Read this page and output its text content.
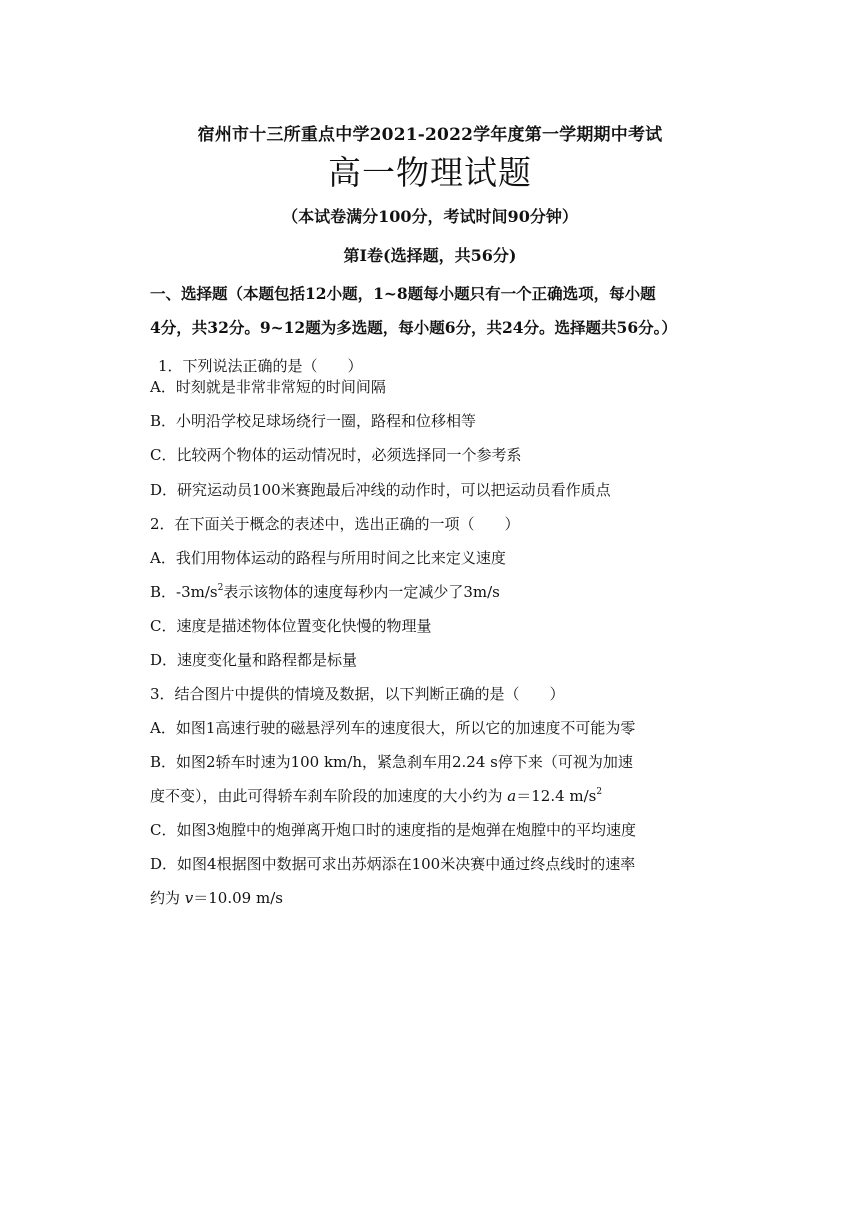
宿州市十三所重点中学2021-2022学年度第一学期期中考试
高一物理试题
（本试卷满分100分，考试时间90分钟）
第Ⅰ卷(选择题，共56分)
一、选择题（本题包括12小题，1~8题每小题只有一个正确选项，每小题
4分，共32分。9~12题为多选题，每小题6分，共24分。选择题共56分。）
1．下列说法正确的是（　　）
A．时刻就是非常非常短的时间间隔
B．小明沿学校足球场绕行一圈，路程和位移相等
C．比较两个物体的运动情况时，必须选择同一个参考系
D．研究运动员100米赛跑最后冲线的动作时，可以把运动员看作质点
2．在下面关于概念的表述中，选出正确的一项（　　）
A．我们用物体运动的路程与所用时间之比来定义速度
B．$-3m/s^2$表示该物体的速度每秒内一定减少了3m/s
C．速度是描述物体位置变化快慢的物理量
D．速度变化量和路程都是标量
3．结合图片中提供的情境及数据，以下判断正确的是（　　）
A．如图1高速行驶的磁悬浮列车的速度很大，所以它的加速度不可能为零
B．如图2轿车时速为100 km/h，紧急刹车用2.24 s停下来（可视为加速
度不变），由此可得轿车刹车阶段的加速度的大小约为 a＝12.4 $m/s^2$
C．如图3炮膛中的炮弹离开炮口时的速度指的是炮弹在炮膛中的平均速度
D．如图4根据图中数据可求出苏炳添在100米决赛中通过终点线时的速率
约为 v＝10.09 m/s
